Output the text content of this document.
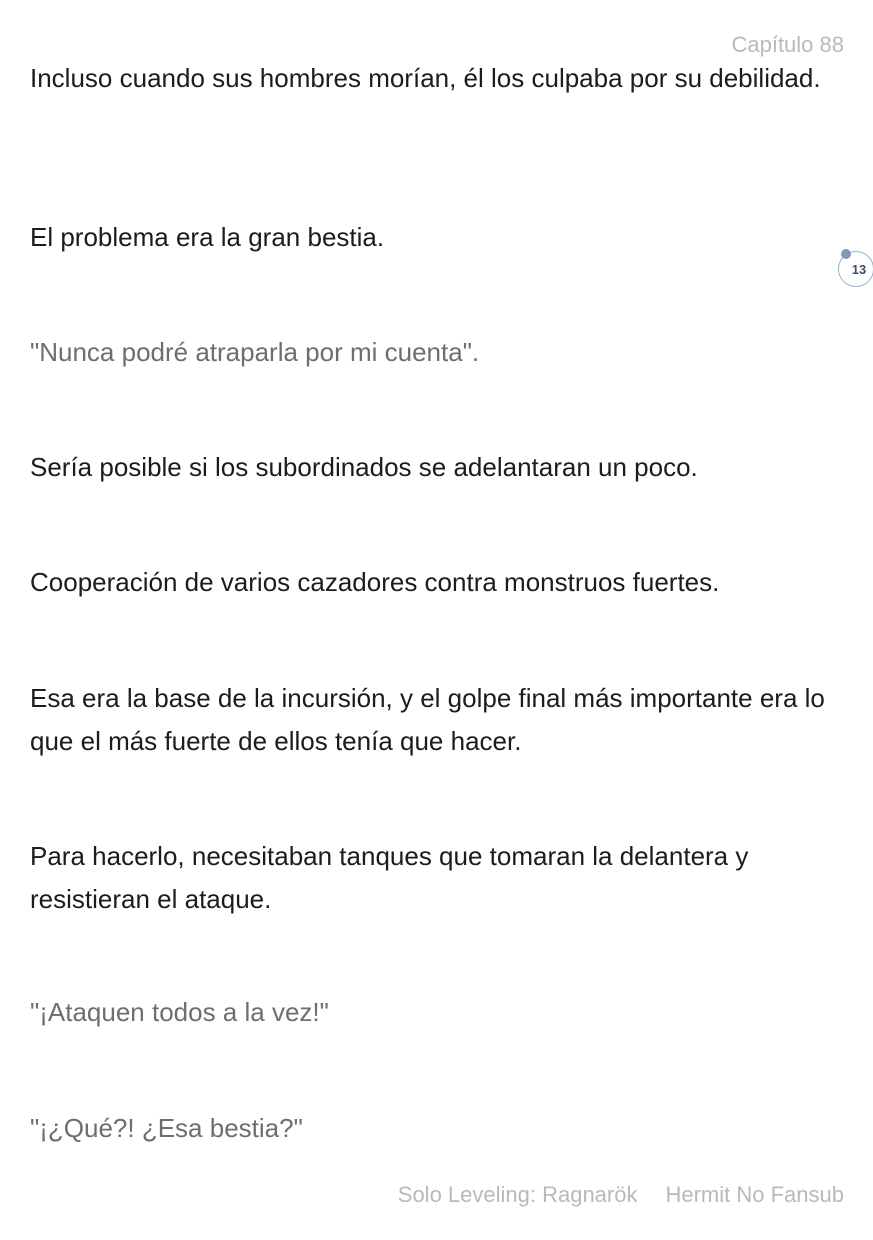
Capítulo 88

Incluso cuando sus hombres morían, él los culpaba por su debilidad.

El problema era la gran bestia.

"Nunca podré atraparla por mi cuenta".

Sería posible si los subordinados se adelantaran un poco.

Cooperación de varios cazadores contra monstruos fuertes.

Esa era la base de la incursión, y el golpe final más importante era lo que el más fuerte de ellos tenía que hacer.

Para hacerlo, necesitaban tanques que tomaran la delantera y resistieran el ataque.

"¡Ataquen todos a la vez!"

"¡¿Qué?! ¿Esa bestia?"

13
Solo Leveling: Ragnarök Hermit No Fansub
